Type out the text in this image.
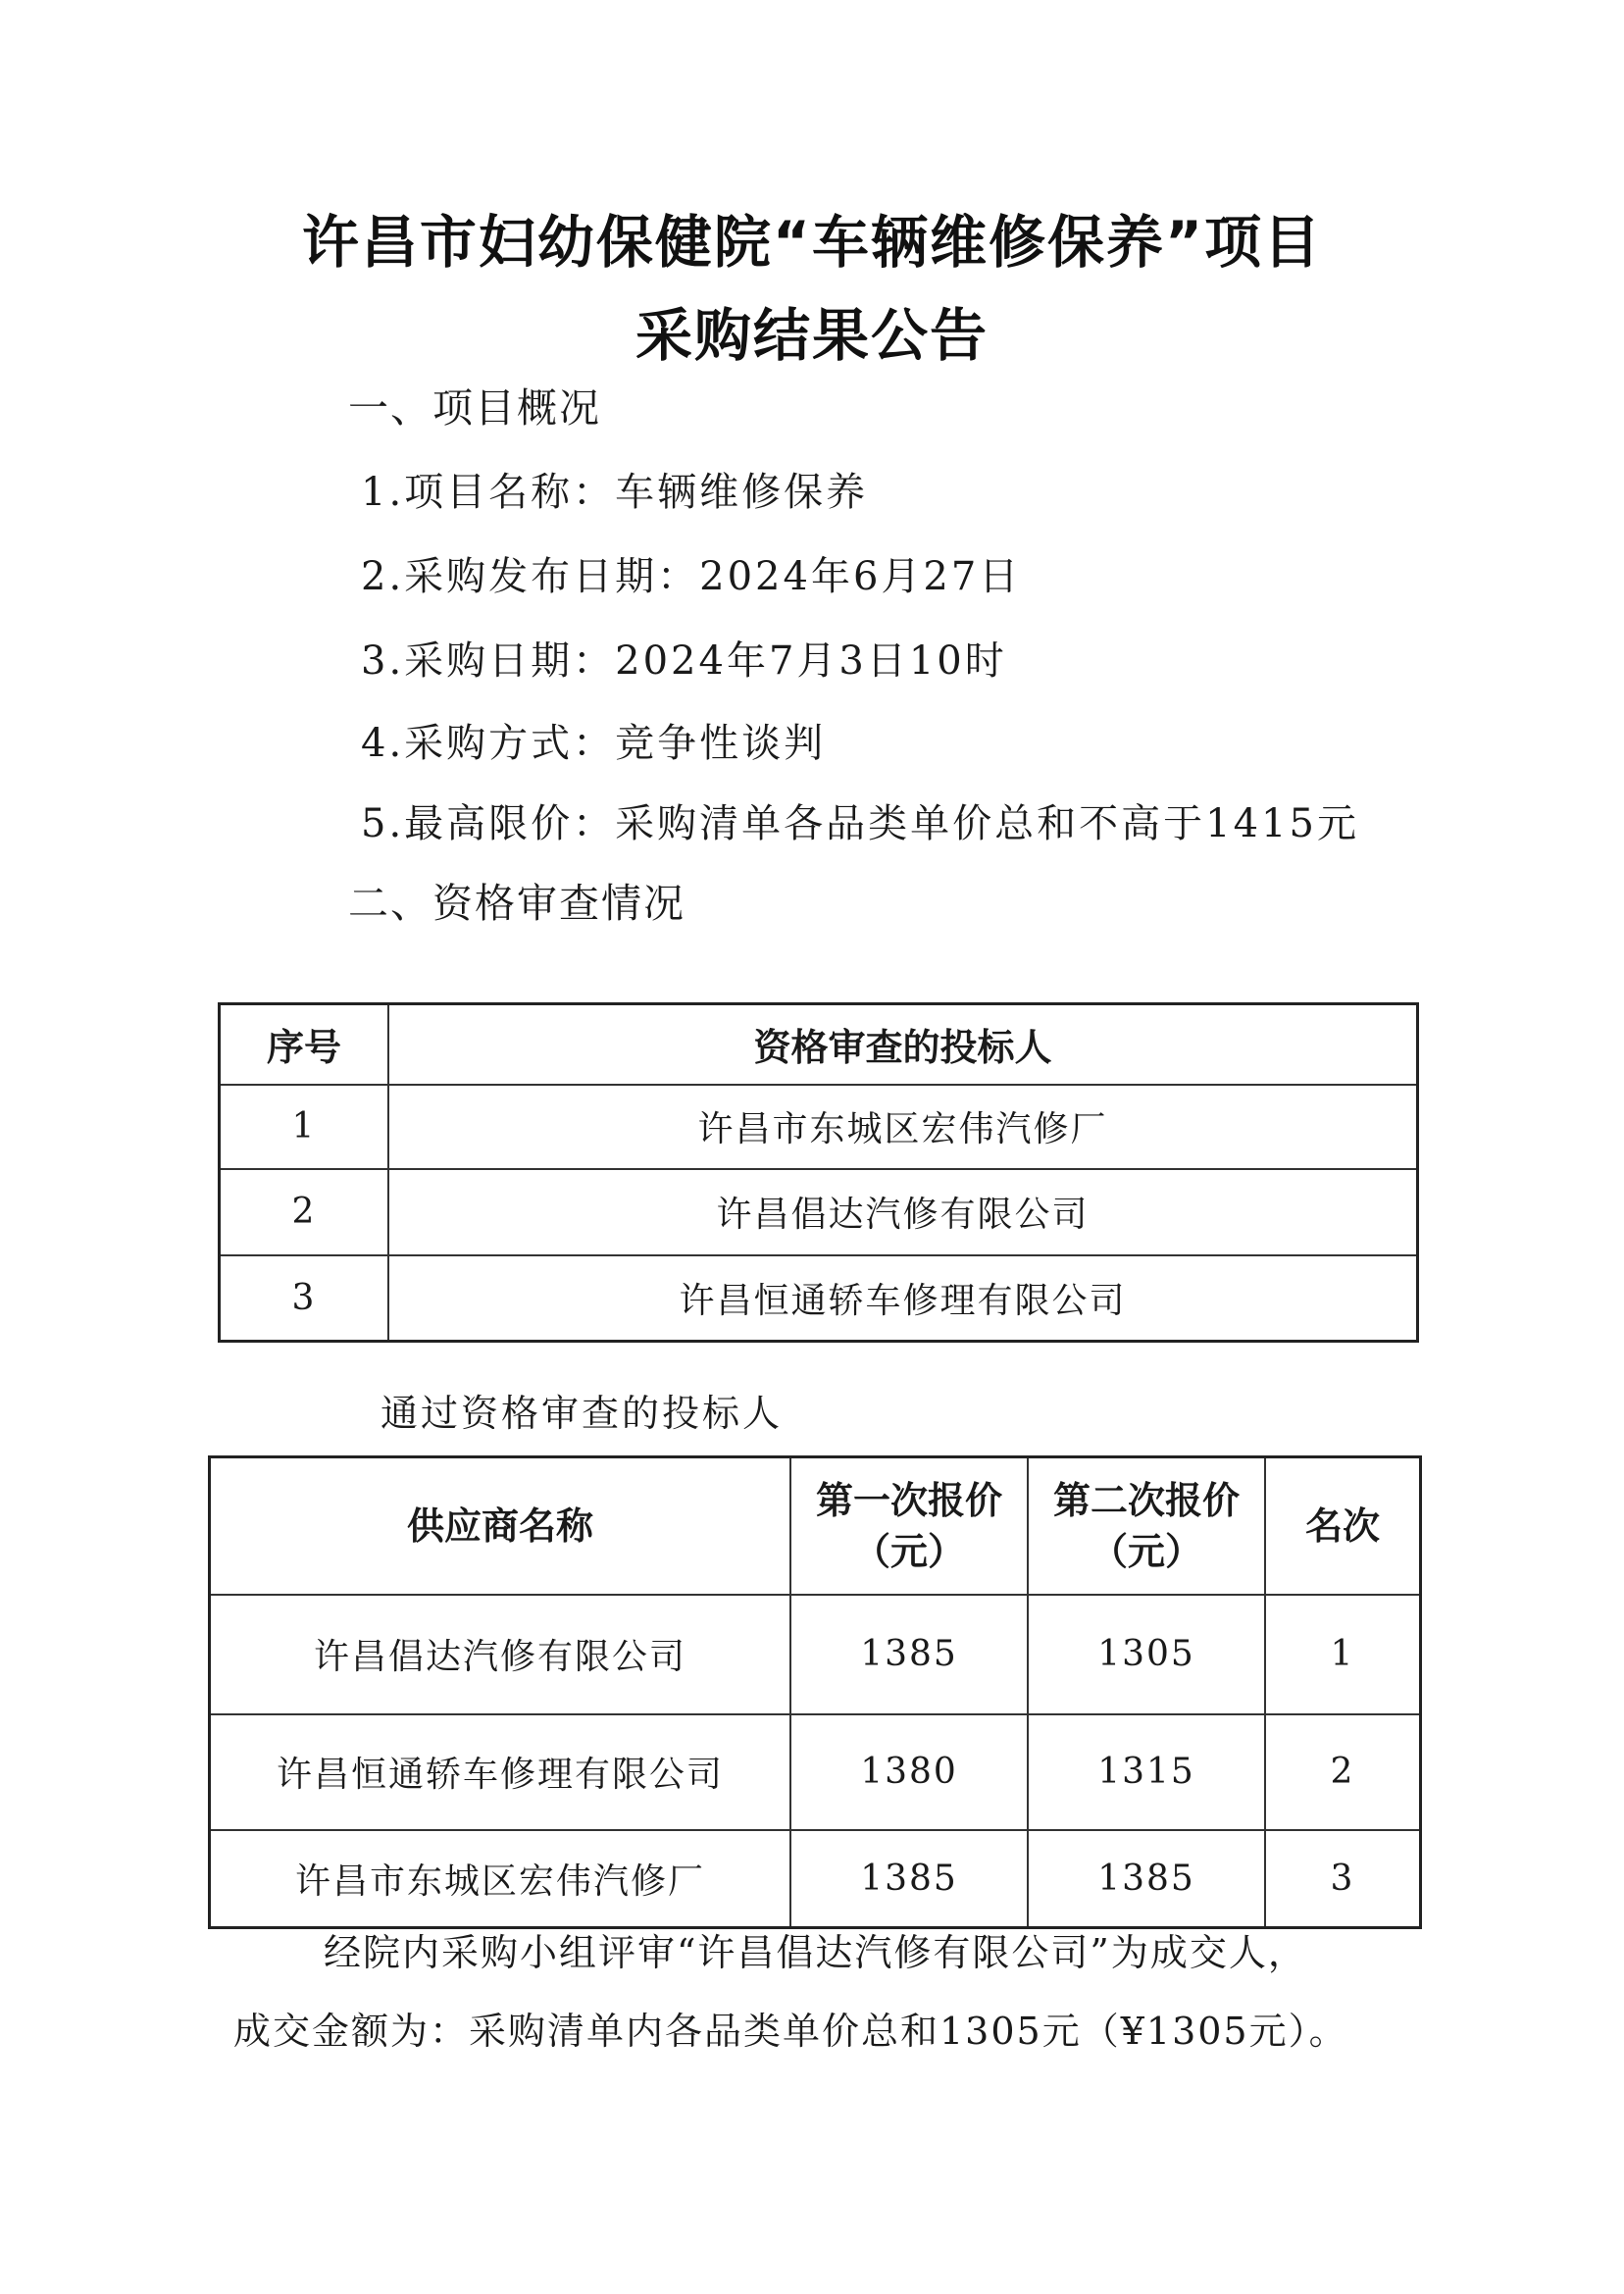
许昌市妇幼保健院“车辆维修保养”项目
采购结果公告
一、项目概况
1.项目名称：车辆维修保养
2.采购发布日期：2024年6月27日
3.采购日期：2024年7月3日10时
4.采购方式：竞争性谈判
5.最高限价：采购清单各品类单价总和不高于1415元
二、资格审查情况
序号	资格审查的投标人
1	许昌市东城区宏伟汽修厂
2	许昌倡达汽修有限公司
3	许昌恒通轿车修理有限公司
通过资格审查的投标人
供应商名称	第一次报价（元）	第二次报价（元）	名次
许昌倡达汽修有限公司	1385	1305	1
许昌恒通轿车修理有限公司	1380	1315	2
许昌市东城区宏伟汽修厂	1385	1385	3
经院内采购小组评审“许昌倡达汽修有限公司”为成交人，
成交金额为：采购清单内各品类单价总和1305元（¥1305元）。
